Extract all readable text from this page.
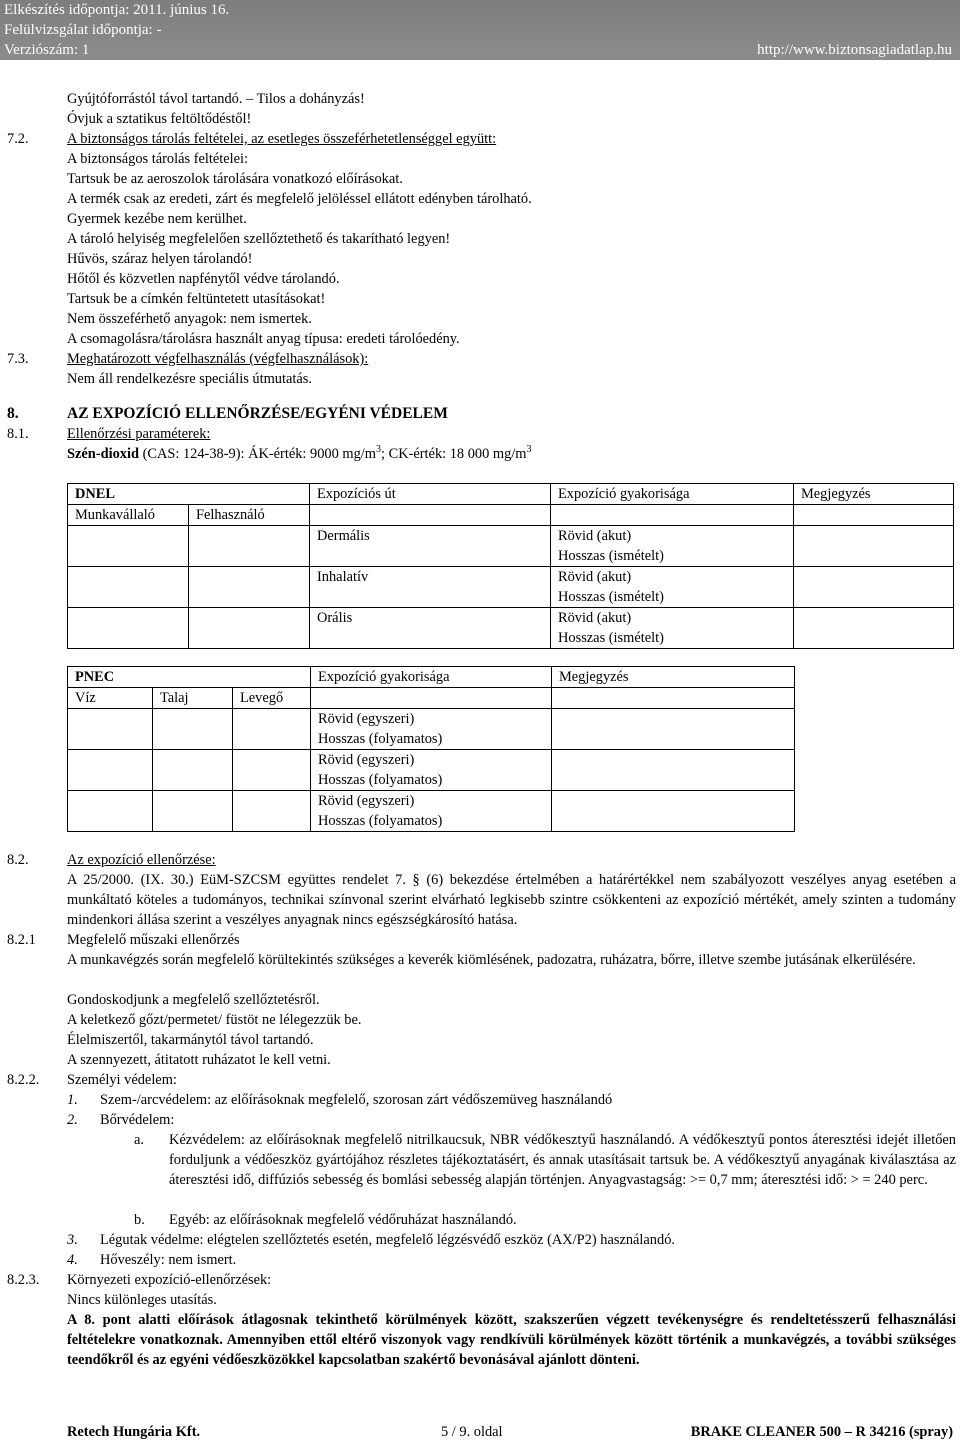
Elkészítés időpontja: 2011. június 16.
Felülvizsgálat időpontja: -
Verziószám: 1	http://www.biztonsagiadatlap.hu
Gyújtóforrástól távol tartandó. – Tilos a dohányzás!
Óvjuk a sztatikus feltöltődéstől!
7.2.	A biztonságos tárolás feltételei, az esetleges összeférhetetlenséggel együtt:
A biztonságos tárolás feltételei:
Tartsuk be az aeroszolok tárolására vonatkozó előírásokat.
A termék csak az eredeti, zárt és megfelelő jelöléssel ellátott edényben tárolható.
Gyermek kezébe nem kerülhet.
A tároló helyiség megfelelően szellőztethető és takarítható legyen!
Hűvös, száraz helyen tárolandó!
Hőtől és közvetlen napfénytől védve tárolandó.
Tartsuk be a címkén feltüntetett utasításokat!
Nem összeférhető anyagok: nem ismertek.
A csomagolásra/tárolásra használt anyag típusa: eredeti tárolóedény.
7.3.	Meghatározott végfelhasználás (végfelhasználások):
Nem áll rendelkezésre speciális útmutatás.
8.	AZ EXPOZÍCIÓ ELLENŐRZÉSE/EGYÉNI VÉDELEM
8.1.	Ellenőrzési paraméterek:
Szén-dioxid (CAS: 124-38-9): ÁK-érték: 9000 $mg/m^3$; CK-érték: 18 000 $mg/m^3$
DNEL		Expozíciós út	Expozíció gyakorisága	Megjegyzés
Munkavállaló	Felhasználó			
		Dermális	Rövid (akut)
Hosszas (ismételt)	

		Inhalatív	Rövid (akut)
Hosszas (ismételt)	

		Orális	Rövid (akut)
Hosszas (ismételt)	

PNEC			Expozíció gyakorisága	Megjegyzés
Víz	Talaj	Levegő		

			Rövid (egyszeri)
Hosszas (folyamatos)	

			Rövid (egyszeri)
Hosszas (folyamatos)	

			Rövid (egyszeri)
Hosszas (folyamatos)	

8.2.	Az expozíció ellenőrzése:
A 25/2000. (IX. 30.) EüM-SZCSM együttes rendelet 7. § (6) bekezdése értelmében a határértékkel nem szabályozott veszélyes anyag esetében a munkáltató köteles a tudományos, technikai színvonal szerint elvárható legkisebb szintre csökkenteni az expozíció mértékét, amely szinten a tudomány mindenkori állása szerint a veszélyes anyagnak nincs egészségkárosító hatása.
8.2.1 Megfelelő műszaki ellenőrzés
A munkavégzés során megfelelő körültekintés szükséges a keverék kiömlésének, padozatra, ruházatra, bőrre, illetve szembe jutásának elkerülésére.
Gondoskodjunk a megfelelő szellőztetésről.
A keletkező gőzt/permetet/ füstöt ne lélegezzük be.
Élelmiszertől, takarmánytól távol tartandó.
A szennyezett, átitatott ruházatot le kell vetni.
8.2.2. Személyi védelem:
1. Szem-/arcvédelem: az előírásoknak megfelelő, szorosan zárt védőszemüveg használandó
2. Bőrvédelem:
a. Kézvédelem: az előírásoknak megfelelő nitrilkaucsuk, NBR védőkesztyű használandó. A védőkesztyű pontos áteresztési idejét illetően forduljunk a védőeszköz gyártójához részletes tájékoztatásért, és annak utasításait tartsuk be. A védőkesztyű anyagának kiválasztása az áteresztési idő, diffúziós sebesség és bomlási sebesség alapján történjen. Anyagvastagság: >= 0,7 mm; áteresztési idő: > = 240 perc.
b. Egyéb: az előírásoknak megfelelő védőruházat használandó.
3. Légutak védelme: elégtelen szellőztetés esetén, megfelelő légzésvédő eszköz (AX/P2) használandó.
4. Hőveszély: nem ismert.
8.2.3. Környezeti expozíció-ellenőrzések:
Nincs különleges utasítás.
A 8. pont alatti előírások átlagosnak tekinthető körülmények között, szakszerűen végzett tevékenységre és rendeltetésszerű felhasználási feltételekre vonatkoznak. Amennyiben ettől eltérő viszonyok vagy rendkívüli körülmények között történik a munkavégzés, a további szükséges teendőkről és az egyéni védőeszközökkel kapcsolatban szakértő bevonásával ajánlott dönteni.
Retech Hungária Kft.	5 / 9. oldal	BRAKE CLEANER 500 – R 34216 (spray)
